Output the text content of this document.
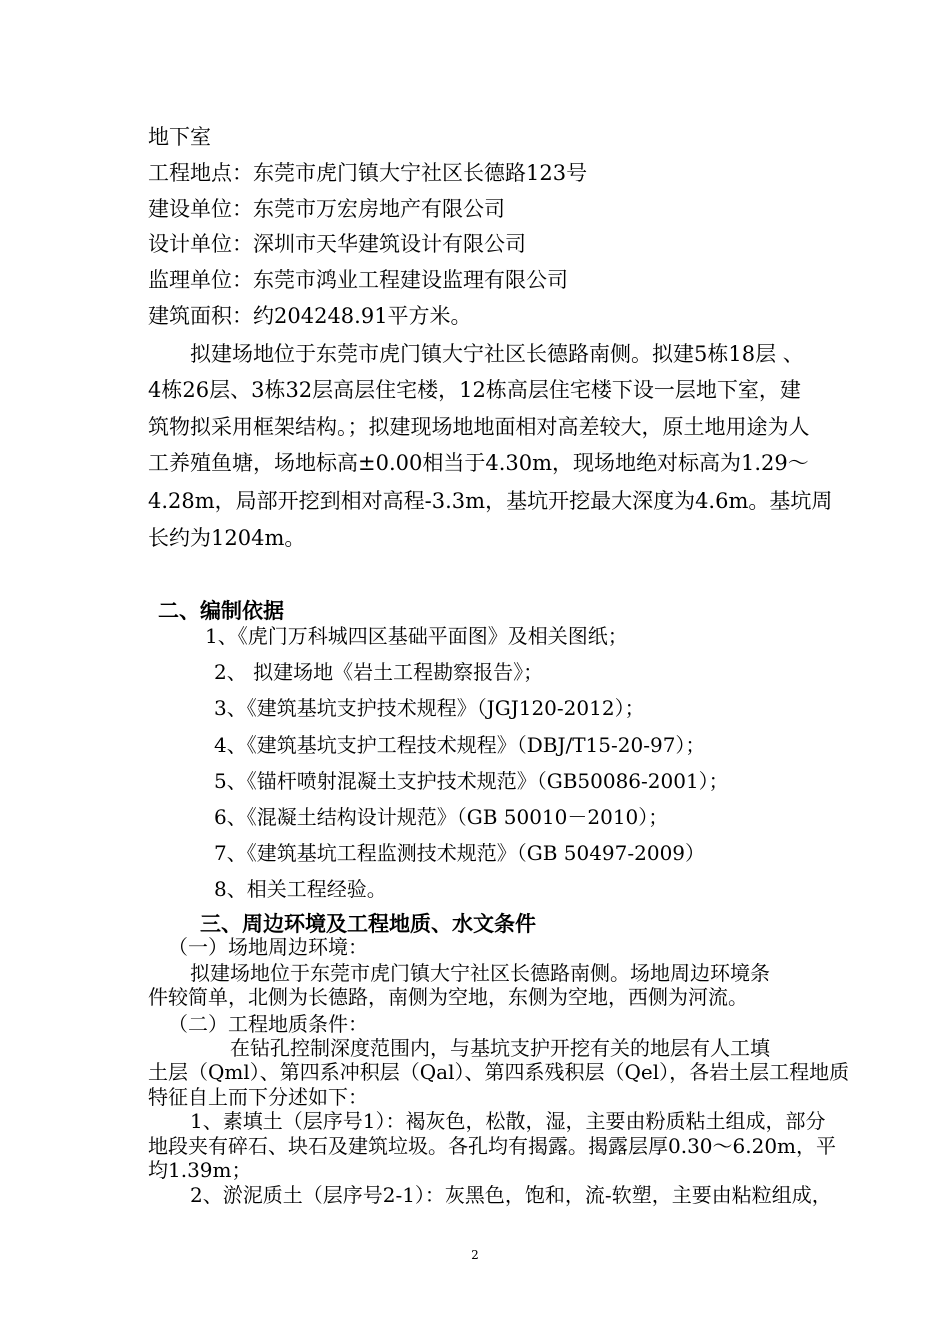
地下室
工程地点：东莞市虎门镇大宁社区长德路123号
建设单位：东莞市万宏房地产有限公司
设计单位：深圳市天华建筑设计有限公司
监理单位：东莞市鸿业工程建设监理有限公司
建筑面积：约204248.91平方米。
拟建场地位于东莞市虎门镇大宁社区长德路南侧。拟建5栋18层 、
4栋26层、3栋32层高层住宅楼，12栋高层住宅楼下设一层地下室，建
筑物拟采用框架结构。；拟建现场地地面相对高差较大，原土地用途为人
工养殖鱼塘，场地标高±0.00相当于4.30m，现场地绝对标高为1.29～
4.28m，局部开挖到相对高程-3.3m，基坑开挖最大深度为4.6m。基坑周
长约为1204m。
二、编制依据
1、《虎门万科城四区基础平面图》及相关图纸；
2、 拟建场地《岩土工程勘察报告》；
3、《建筑基坑支护技术规程》（JGJ120-2012）；
4、《建筑基坑支护工程技术规程》（DBJ/T15-20-97）；
5、《锚杆喷射混凝土支护技术规范》（GB50086-2001）；
6、《混凝土结构设计规范》（GB 50010－2010）；
7、《建筑基坑工程监测技术规范》（GB 50497-2009）
8、相关工程经验。
三、周边环境及工程地质、水文条件
（一）场地周边环境：
拟建场地位于东莞市虎门镇大宁社区长德路南侧。场地周边环境条
件较简单，北侧为长德路，南侧为空地，东侧为空地，西侧为河流。
（二）工程地质条件：
在钻孔控制深度范围内，与基坑支护开挖有关的地层有人工填
土层（Qml）、第四系冲积层（Qal）、第四系残积层（Qel），各岩土层工程地质
特征自上而下分述如下：
1、素填土（层序号1）：褐灰色，松散，湿，主要由粉质粘土组成，部分
地段夹有碎石、块石及建筑垃圾。各孔均有揭露。揭露层厚0.30～6.20m，平
均1.39m；
2、淤泥质土（层序号2-1）：灰黑色，饱和，流-软塑，主要由粘粒组成，
2
